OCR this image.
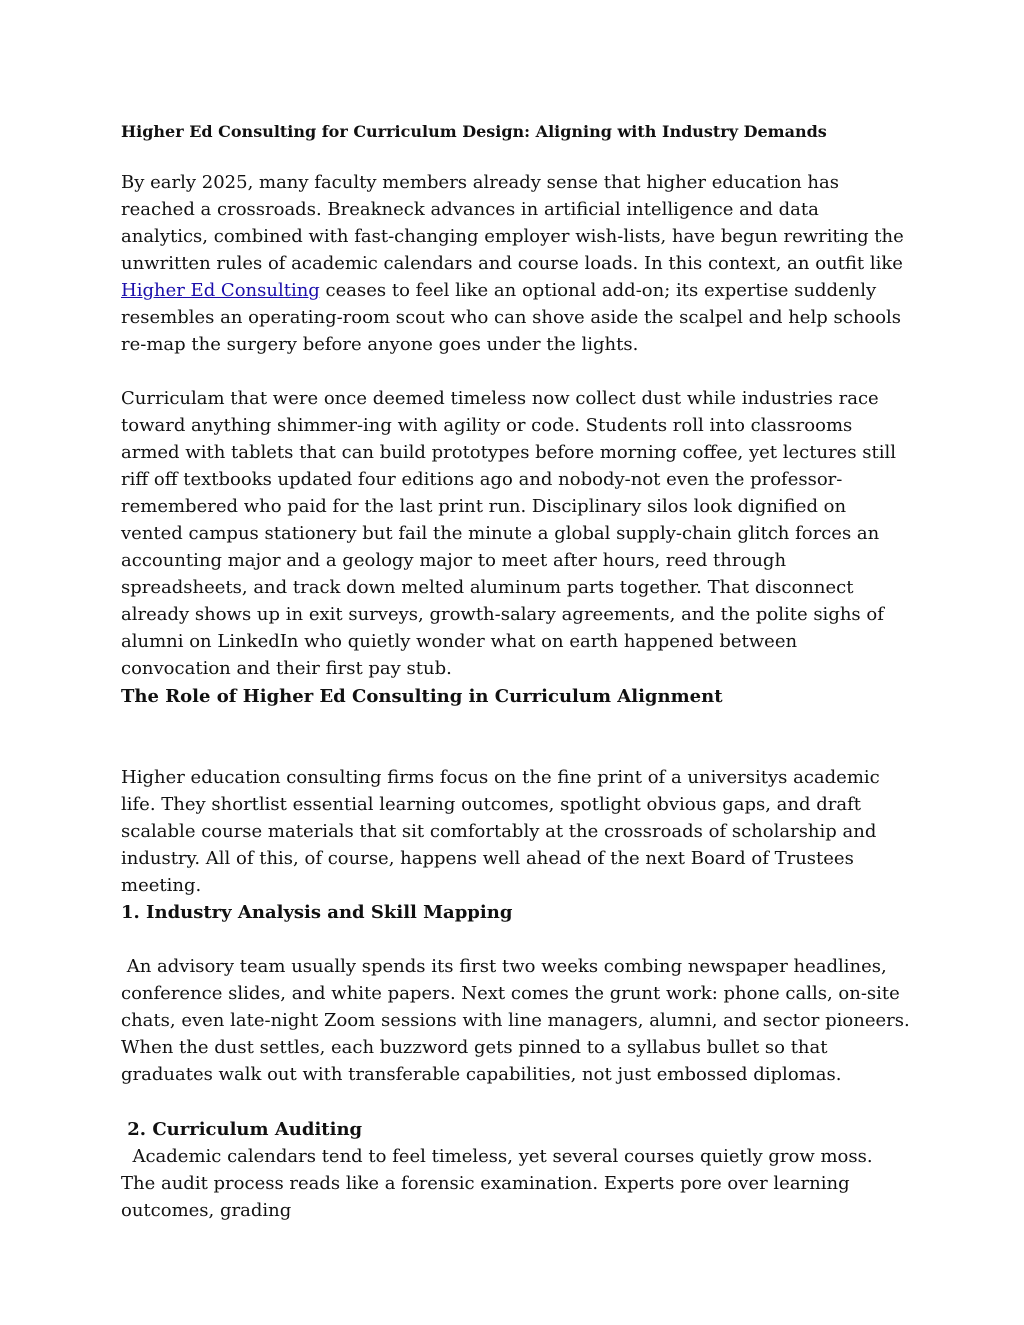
Higher Ed Consulting for Curriculum Design: Aligning with Industry Demands

By early 2025, many faculty members already sense that higher education has reached a crossroads. Breakneck advances in artificial intelligence and data analytics, combined with fast-changing employer wish-lists, have begun rewriting the unwritten rules of academic calendars and course loads. In this context, an outfit like Higher Ed Consulting ceases to feel like an optional add-on; its expertise suddenly resembles an operating-room scout who can shove aside the scalpel and help schools re-map the surgery before anyone goes under the lights.

Curriculam that were once deemed timeless now collect dust while industries race toward anything shimmer-ing with agility or code. Students roll into classrooms armed with tablets that can build prototypes before morning coffee, yet lectures still riff off textbooks updated four editions ago and nobody-not even the professor-remembered who paid for the last print run. Disciplinary silos look dignified on vented campus stationery but fail the minute a global supply-chain glitch forces an accounting major and a geology major to meet after hours, reed through spreadsheets, and track down melted aluminum parts together. That disconnect already shows up in exit surveys, growth-salary agreements, and the polite sighs of alumni on LinkedIn who quietly wonder what on earth happened between convocation and their first pay stub.

The Role of Higher Ed Consulting in Curriculum Alignment

Higher education consulting firms focus on the fine print of a universitys academic life. They shortlist essential learning outcomes, spotlight obvious gaps, and draft scalable course materials that sit comfortably at the crossroads of scholarship and industry. All of this, of course, happens well ahead of the next Board of Trustees meeting.

1. Industry Analysis and Skill Mapping

An advisory team usually spends its first two weeks combing newspaper headlines, conference slides, and white papers. Next comes the grunt work: phone calls, on-site chats, even late-night Zoom sessions with line managers, alumni, and sector pioneers. When the dust settles, each buzzword gets pinned to a syllabus bullet so that graduates walk out with transferable capabilities, not just embossed diplomas.

2. Curriculum Auditing

Academic calendars tend to feel timeless, yet several courses quietly grow moss. The audit process reads like a forensic examination. Experts pore over learning outcomes, grading
